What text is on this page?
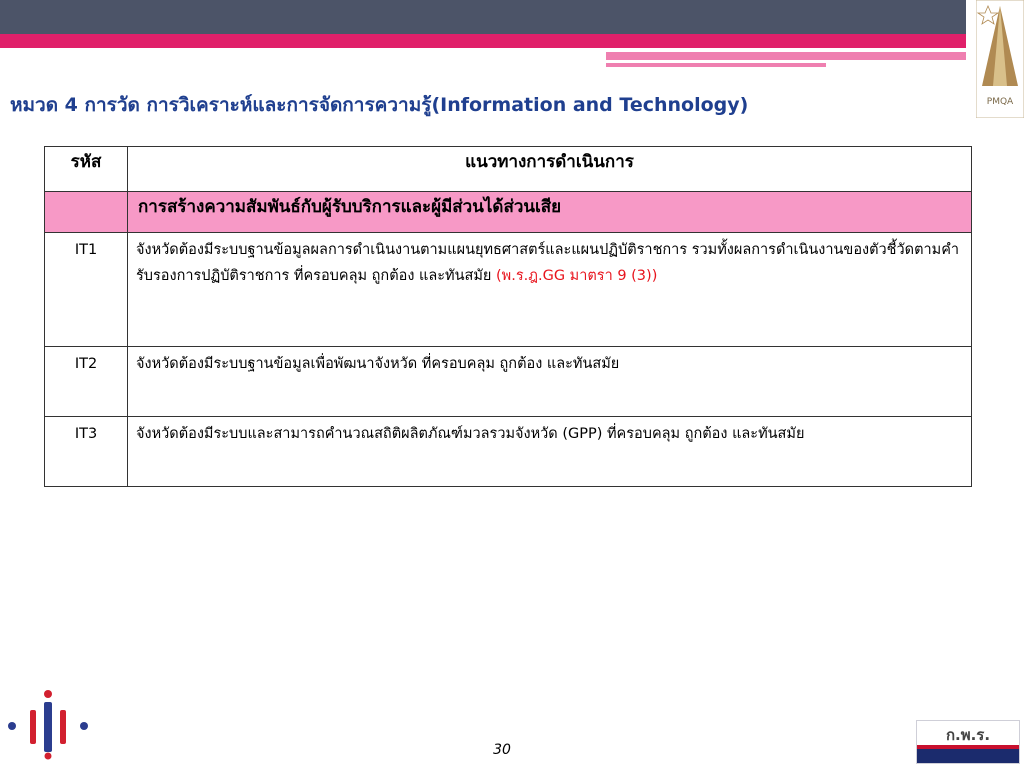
PMQA
หมวด 4 การวัด การวิเคราะห์และการจัดการความรู้(Information and Technology)
รหัส	แนวทางการดำเนินการ
	การสร้างความสัมพันธ์กับผู้รับบริการและผู้มีส่วนได้ส่วนเสีย
IT1	จังหวัดต้องมีระบบฐานข้อมูลผลการดำเนินงานตามแผนยุทธศาสตร์และแผนปฏิบัติราชการ รวมทั้งผลการดำเนินงานของตัวชี้วัดตามคำรับรองการปฏิบัติราชการ ที่ครอบคลุม ถูกต้อง และทันสมัย (พ.ร.ฎ.GG มาตรา 9 (3))
IT2	จังหวัดต้องมีระบบฐานข้อมูลเพื่อพัฒนาจังหวัด ที่ครอบคลุม ถูกต้อง และทันสมัย
IT3	จังหวัดต้องมีระบบและสามารถคำนวณสถิติผลิตภัณฑ์มวลรวมจังหวัด (GPP) ที่ครอบคลุม ถูกต้อง และทันสมัย
30
ก.พ.ร.
